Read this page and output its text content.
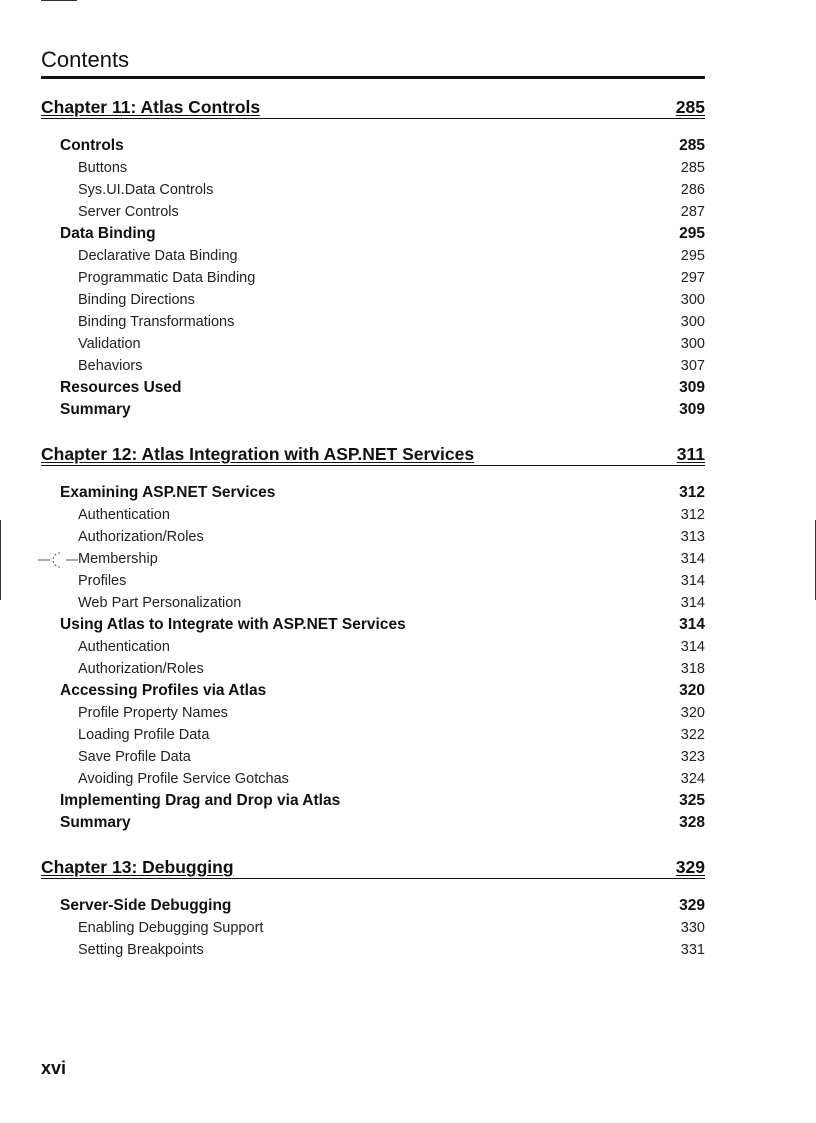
Contents
Chapter 11: Atlas Controls	285
Controls	285
Buttons	285
Sys.UI.Data Controls	286
Server Controls	287
Data Binding	295
Declarative Data Binding	295
Programmatic Data Binding	297
Binding Directions	300
Binding Transformations	300
Validation	300
Behaviors	307
Resources Used	309
Summary	309
Chapter 12: Atlas Integration with ASP.NET Services	311
Examining ASP.NET Services	312
Authentication	312
Authorization/Roles	313
Membership	314
Profiles	314
Web Part Personalization	314
Using Atlas to Integrate with ASP.NET Services	314
Authentication	314
Authorization/Roles	318
Accessing Profiles via Atlas	320
Profile Property Names	320
Loading Profile Data	322
Save Profile Data	323
Avoiding Profile Service Gotchas	324
Implementing Drag and Drop via Atlas	325
Summary	328
Chapter 13: Debugging	329
Server-Side Debugging	329
Enabling Debugging Support	330
Setting Breakpoints	331
xvi
